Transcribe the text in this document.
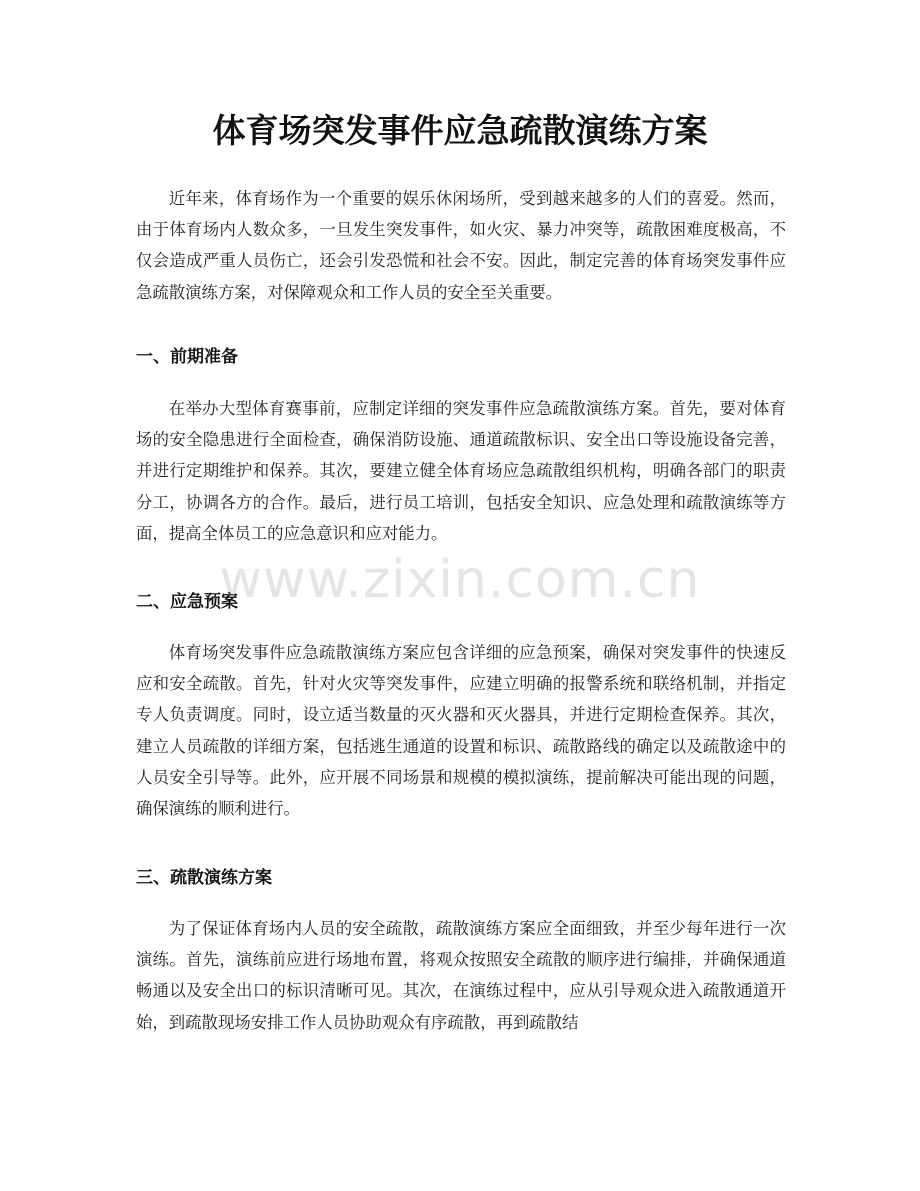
体育场突发事件应急疏散演练方案

近年来，体育场作为一个重要的娱乐休闲场所，受到越来越多的人们的喜爱。然而，由于体育场内人数众多，一旦发生突发事件，如火灾、暴力冲突等，疏散困难度极高，不仅会造成严重人员伤亡，还会引发恐慌和社会不安。因此，制定完善的体育场突发事件应急疏散演练方案，对保障观众和工作人员的安全至关重要。

一、前期准备

在举办大型体育赛事前，应制定详细的突发事件应急疏散演练方案。首先，要对体育场的安全隐患进行全面检查，确保消防设施、通道疏散标识、安全出口等设施设备完善，并进行定期维护和保养。其次，要建立健全体育场应急疏散组织机构，明确各部门的职责分工，协调各方的合作。最后，进行员工培训，包括安全知识、应急处理和疏散演练等方面，提高全体员工的应急意识和应对能力。

二、应急预案

体育场突发事件应急疏散演练方案应包含详细的应急预案，确保对突发事件的快速反应和安全疏散。首先，针对火灾等突发事件，应建立明确的报警系统和联络机制，并指定专人负责调度。同时，设立适当数量的灭火器和灭火器具，并进行定期检查保养。其次，建立人员疏散的详细方案，包括逃生通道的设置和标识、疏散路线的确定以及疏散途中的人员安全引导等。此外，应开展不同场景和规模的模拟演练，提前解决可能出现的问题，确保演练的顺利进行。

三、疏散演练方案

为了保证体育场内人员的安全疏散，疏散演练方案应全面细致，并至少每年进行一次演练。首先，演练前应进行场地布置，将观众按照安全疏散的顺序进行编排，并确保通道畅通以及安全出口的标识清晰可见。其次，在演练过程中，应从引导观众进入疏散通道开始，到疏散现场安排工作人员协助观众有序疏散，再到疏散结

www.zixin.com.cn
